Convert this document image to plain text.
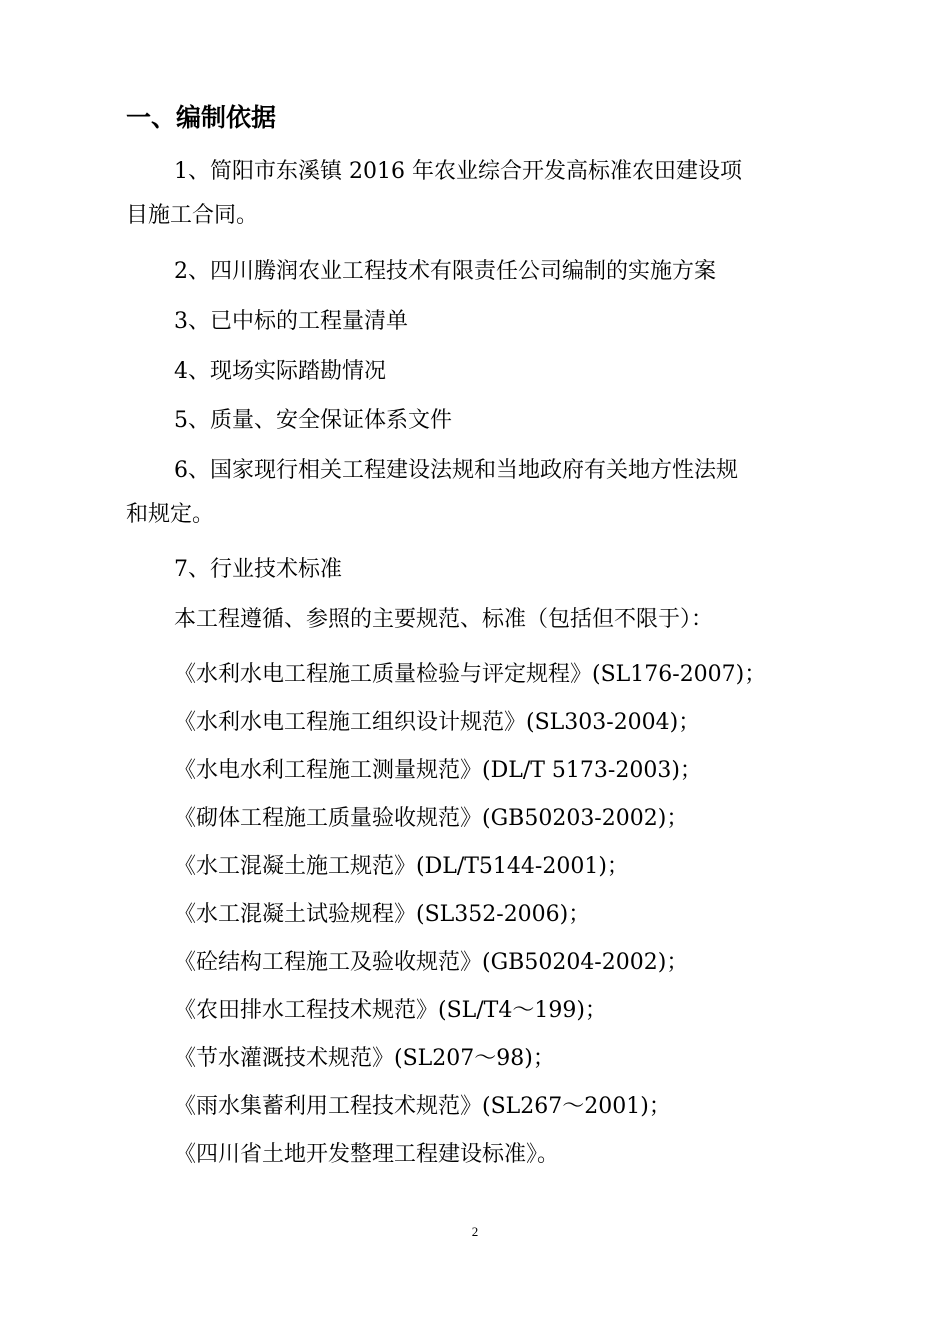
一、编制依据
1、简阳市东溪镇 2016 年农业综合开发高标准农田建设项
目施工合同。
2、四川腾润农业工程技术有限责任公司编制的实施方案
3、已中标的工程量清单
4、现场实际踏勘情况
5、质量、安全保证体系文件
6、国家现行相关工程建设法规和当地政府有关地方性法规
和规定。
7、行业技术标准
本工程遵循、参照的主要规范、标准（包括但不限于）：
《水利水电工程施工质量检验与评定规程》(SL176-2007)；
《水利水电工程施工组织设计规范》(SL303-2004)；
《水电水利工程施工测量规范》(DL/T 5173-2003)；
《砌体工程施工质量验收规范》(GB50203-2002)；
《水工混凝土施工规范》(DL/T5144-2001)；
《水工混凝土试验规程》(SL352-2006)；
《砼结构工程施工及验收规范》(GB50204-2002)；
《农田排水工程技术规范》(SL/T4～199)；
《节水灌溉技术规范》(SL207～98)；
《雨水集蓄利用工程技术规范》(SL267～2001)；
《四川省土地开发整理工程建设标准》。
2
